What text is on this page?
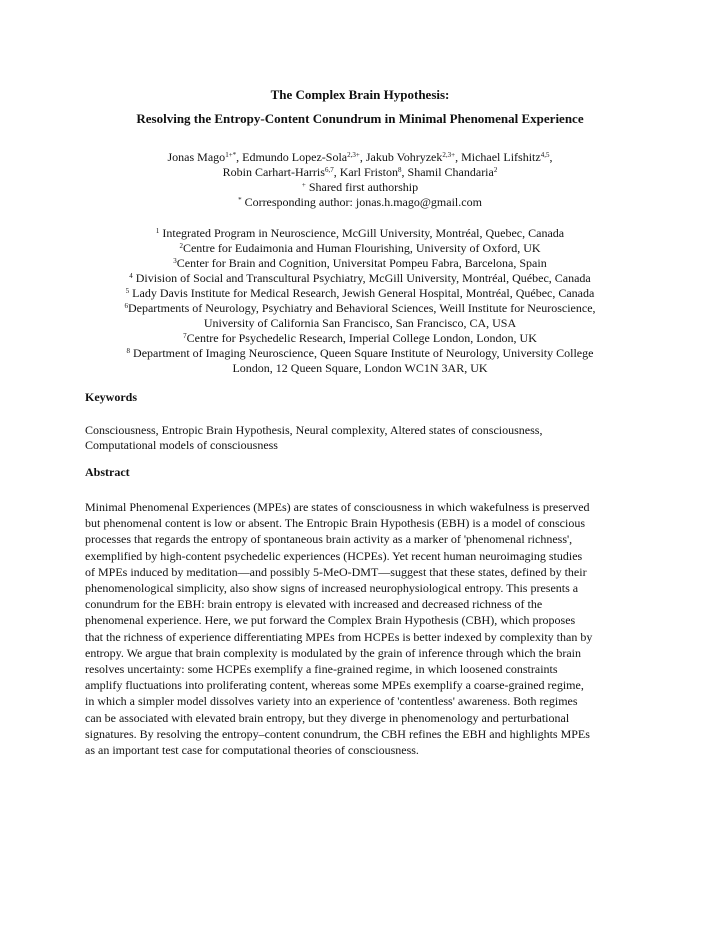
The Complex Brain Hypothesis:
Resolving the Entropy-Content Conundrum in Minimal Phenomenal Experience
Jonas Mago$^{1+*}$, Edmundo Lopez-Sola$^{2,3+}$, Jakub Vohryzek$^{2,3+}$, Michael Lifshitz$^{4,5}$,
Robin Carhart-Harris$^{6,7}$, Karl Friston$^8$, Shamil Chandaria$^2$
+ Shared first authorship
* Corresponding author: jonas.h.mago@gmail.com
$^1$ Integrated Program in Neuroscience, McGill University, Montréal, Quebec, Canada
$^2$Centre for Eudaimonia and Human Flourishing, University of Oxford, UK
$^3$Center for Brain and Cognition, Universitat Pompeu Fabra, Barcelona, Spain
$^4$ Division of Social and Transcultural Psychiatry, McGill University, Montréal, Québec, Canada
$^5$ Lady Davis Institute for Medical Research, Jewish General Hospital, Montréal, Québec, Canada
$^6$Departments of Neurology, Psychiatry and Behavioral Sciences, Weill Institute for Neuroscience,
University of California San Francisco, San Francisco, CA, USA
$^7$Centre for Psychedelic Research, Imperial College London, London, UK
$^8$ Department of Imaging Neuroscience, Queen Square Institute of Neurology, University College
London, 12 Queen Square, London WC1N 3AR, UK
Keywords
Consciousness, Entropic Brain Hypothesis, Neural complexity, Altered states of consciousness,
Computational models of consciousness
Abstract
Minimal Phenomenal Experiences (MPEs) are states of consciousness in which wakefulness is preserved
but phenomenal content is low or absent. The Entropic Brain Hypothesis (EBH) is a model of conscious
processes that regards the entropy of spontaneous brain activity as a marker of 'phenomenal richness',
exemplified by high-content psychedelic experiences (HCPEs). Yet recent human neuroimaging studies
of MPEs induced by meditation—and possibly 5-MeO-DMT—suggest that these states, defined by their
phenomenological simplicity, also show signs of increased neurophysiological entropy. This presents a
conundrum for the EBH: brain entropy is elevated with increased and decreased richness of the
phenomenal experience. Here, we put forward the Complex Brain Hypothesis (CBH), which proposes
that the richness of experience differentiating MPEs from HCPEs is better indexed by complexity than by
entropy. We argue that brain complexity is modulated by the grain of inference through which the brain
resolves uncertainty: some HCPEs exemplify a fine-grained regime, in which loosened constraints
amplify fluctuations into proliferating content, whereas some MPEs exemplify a coarse-grained regime,
in which a simpler model dissolves variety into an experience of 'contentless' awareness. Both regimes
can be associated with elevated brain entropy, but they diverge in phenomenology and perturbational
signatures. By resolving the entropy–content conundrum, the CBH refines the EBH and highlights MPEs
as an important test case for computational theories of consciousness.
